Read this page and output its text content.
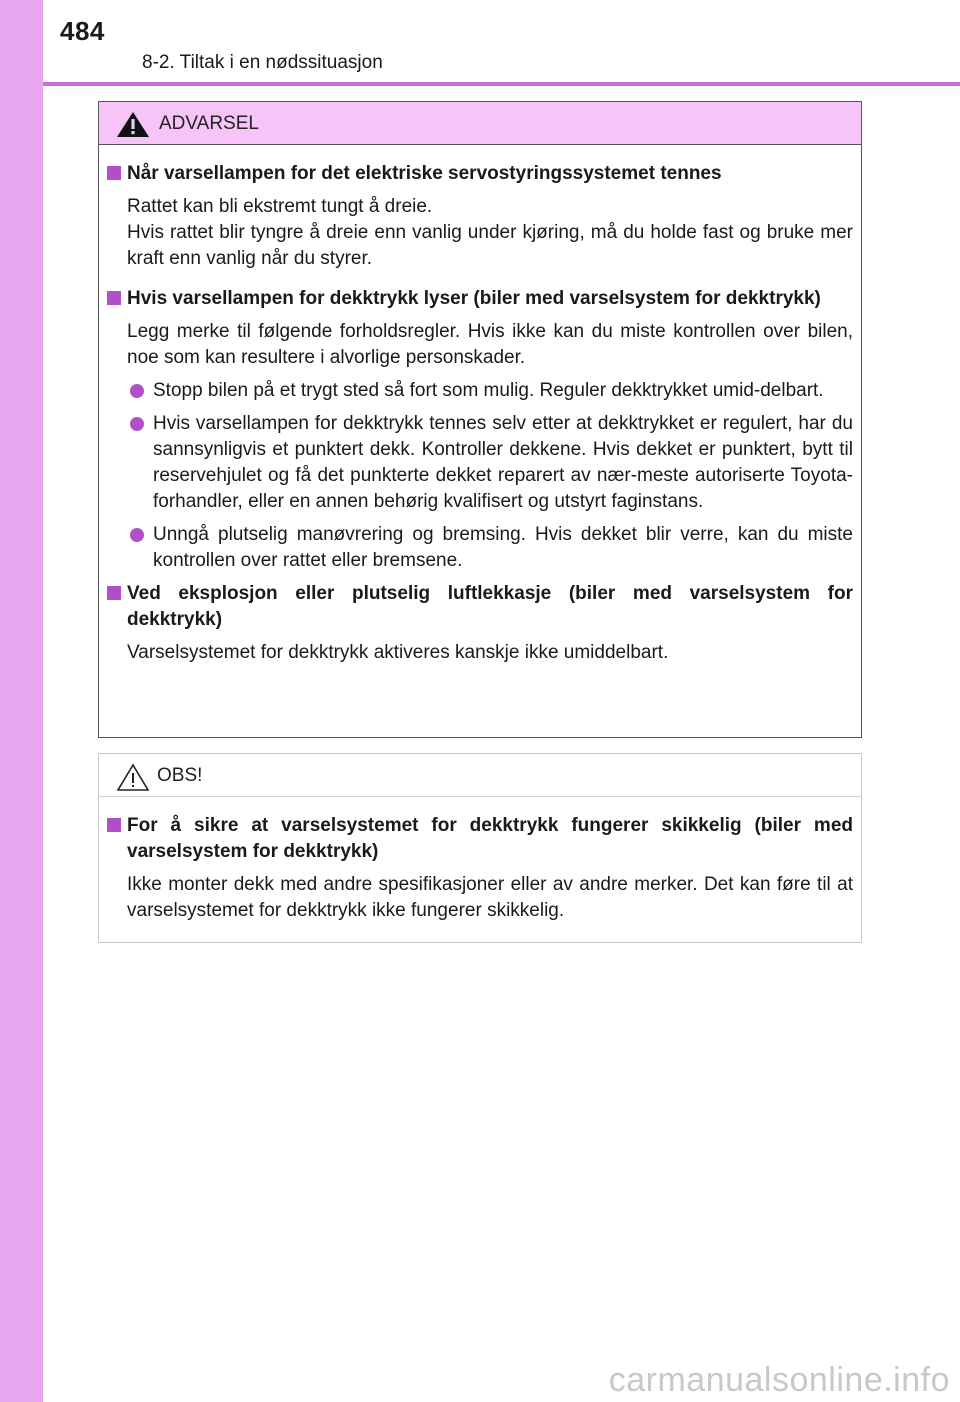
484
8-2. Tiltak i en nødssituasjon
ADVARSEL
Når varsellampen for det elektriske servostyringssystemet tennes
Rattet kan bli ekstremt tungt å dreie.
Hvis rattet blir tyngre å dreie enn vanlig under kjøring, må du holde fast og bruke mer kraft enn vanlig når du styrer.
Hvis varsellampen for dekktrykk lyser (biler med varselsystem for dekktrykk)
Legg merke til følgende forholdsregler. Hvis ikke kan du miste kontrollen over bilen, noe som kan resultere i alvorlige personskader.
Stopp bilen på et trygt sted så fort som mulig. Reguler dekktrykket umid-delbart.
Hvis varsellampen for dekktrykk tennes selv etter at dekktrykket er regulert, har du sannsynligvis et punktert dekk. Kontroller dekkene. Hvis dekket er punktert, bytt til reservehjulet og få det punkterte dekket reparert av nær-meste autoriserte Toyota-forhandler, eller en annen behørig kvalifisert og utstyrt faginstans.
Unngå plutselig manøvrering og bremsing. Hvis dekket blir verre, kan du miste kontrollen over rattet eller bremsene.
Ved eksplosjon eller plutselig luftlekkasje (biler med varselsystem for dekktrykk)
Varselsystemet for dekktrykk aktiveres kanskje ikke umiddelbart.
OBS!
For å sikre at varselsystemet for dekktrykk fungerer skikkelig (biler med varselsystem for dekktrykk)
Ikke monter dekk med andre spesifikasjoner eller av andre merker. Det kan føre til at varselsystemet for dekktrykk ikke fungerer skikkelig.
carmanualsonline.info
